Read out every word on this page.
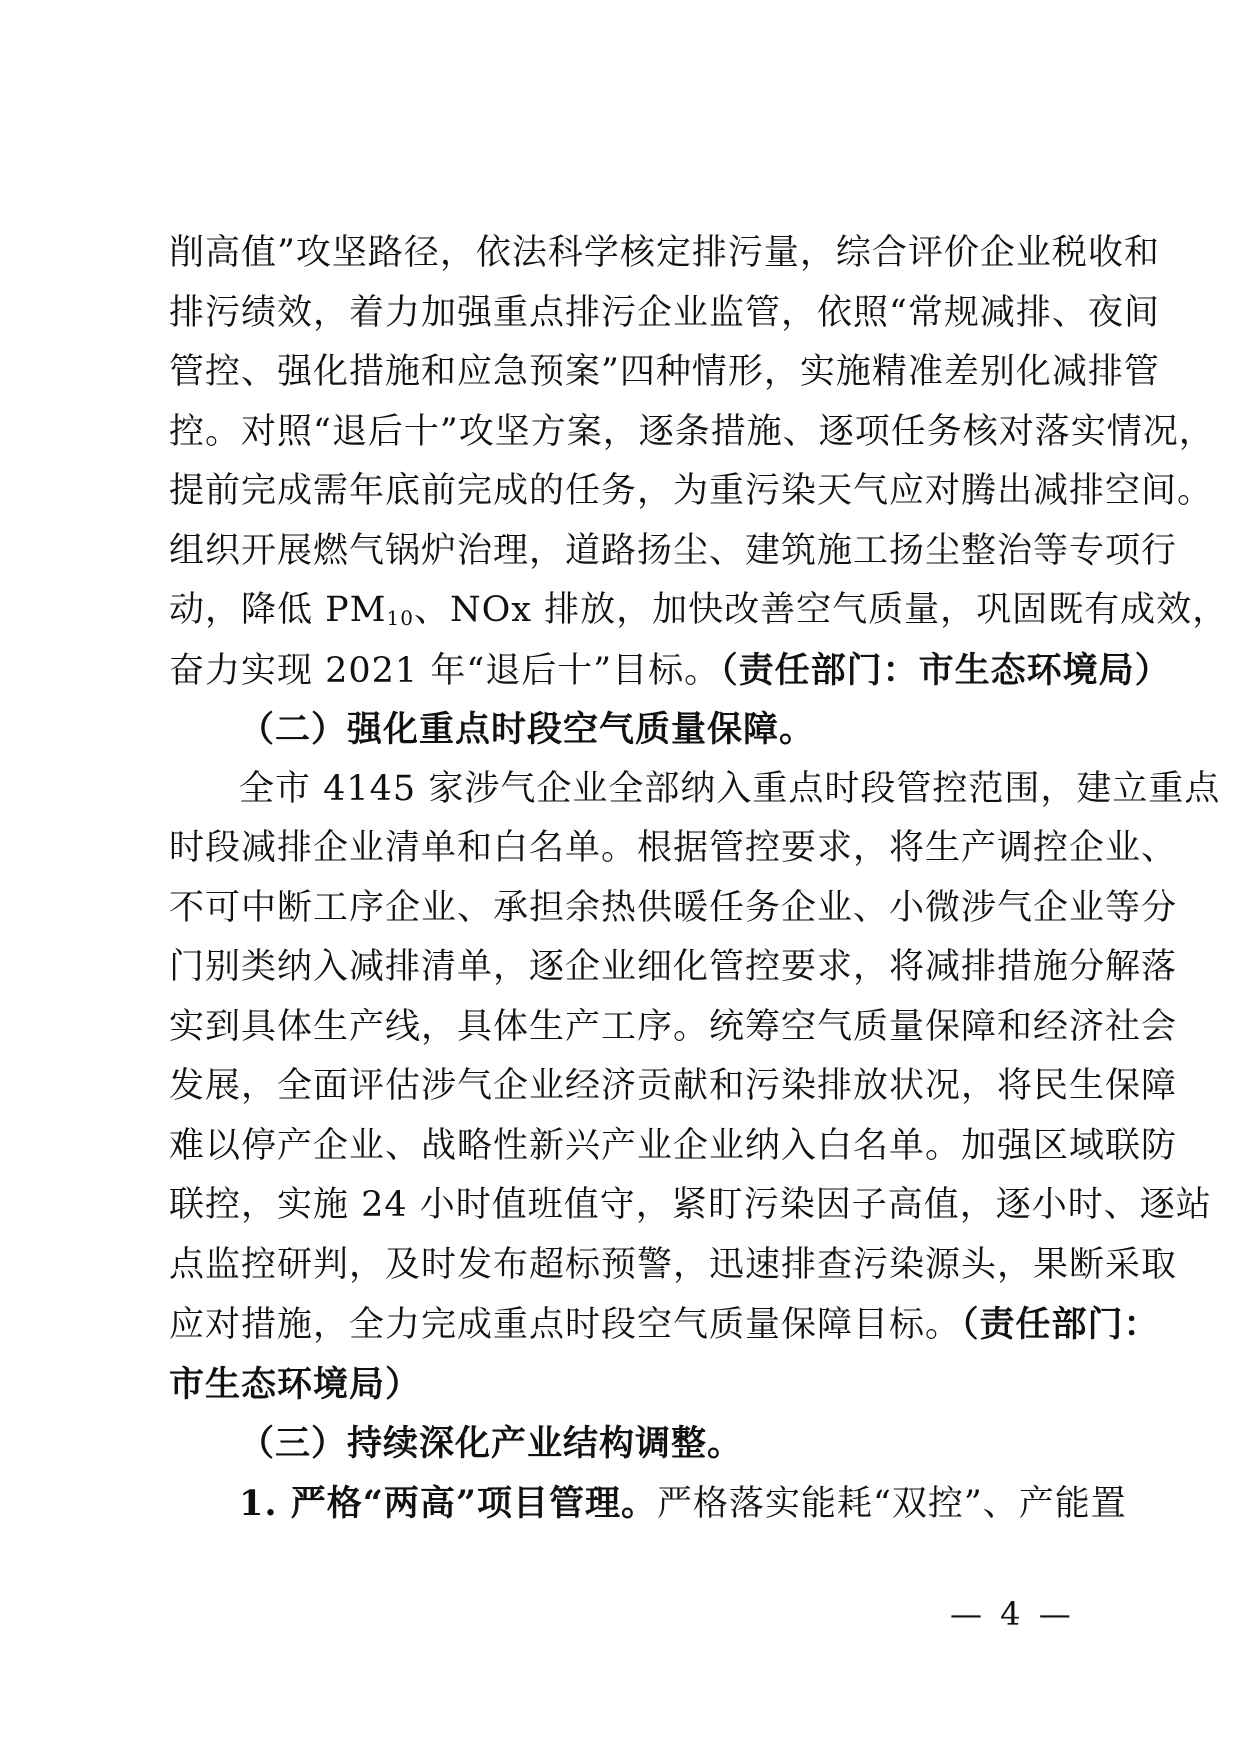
削高值”攻坚路径，依法科学核定排污量，综合评价企业税收和
排污绩效，着力加强重点排污企业监管，依照“常规减排、夜间
管控、强化措施和应急预案”四种情形，实施精准差别化减排管
控。对照“退后十”攻坚方案，逐条措施、逐项任务核对落实情况，
提前完成需年底前完成的任务，为重污染天气应对腾出减排空间。
组织开展燃气锅炉治理，道路扬尘、建筑施工扬尘整治等专项行
动，降低 $PM_{10}$、NOx 排放，加快改善空气质量，巩固既有成效，
奋力实现 2021 年“退后十”目标。（责任部门：市生态环境局）
（二）强化重点时段空气质量保障。
全市 4145 家涉气企业全部纳入重点时段管控范围，建立重点
时段减排企业清单和白名单。根据管控要求，将生产调控企业、
不可中断工序企业、承担余热供暖任务企业、小微涉气企业等分
门别类纳入减排清单，逐企业细化管控要求，将减排措施分解落
实到具体生产线，具体生产工序。统筹空气质量保障和经济社会
发展，全面评估涉气企业经济贡献和污染排放状况，将民生保障
难以停产企业、战略性新兴产业企业纳入白名单。加强区域联防
联控，实施 24 小时值班值守，紧盯污染因子高值，逐小时、逐站
点监控研判，及时发布超标预警，迅速排查污染源头，果断采取
应对措施，全力完成重点时段空气质量保障目标。（责任部门：
市生态环境局）
（三）持续深化产业结构调整。
1. 严格“两高”项目管理。严格落实能耗“双控”、产能置
— 4 —
